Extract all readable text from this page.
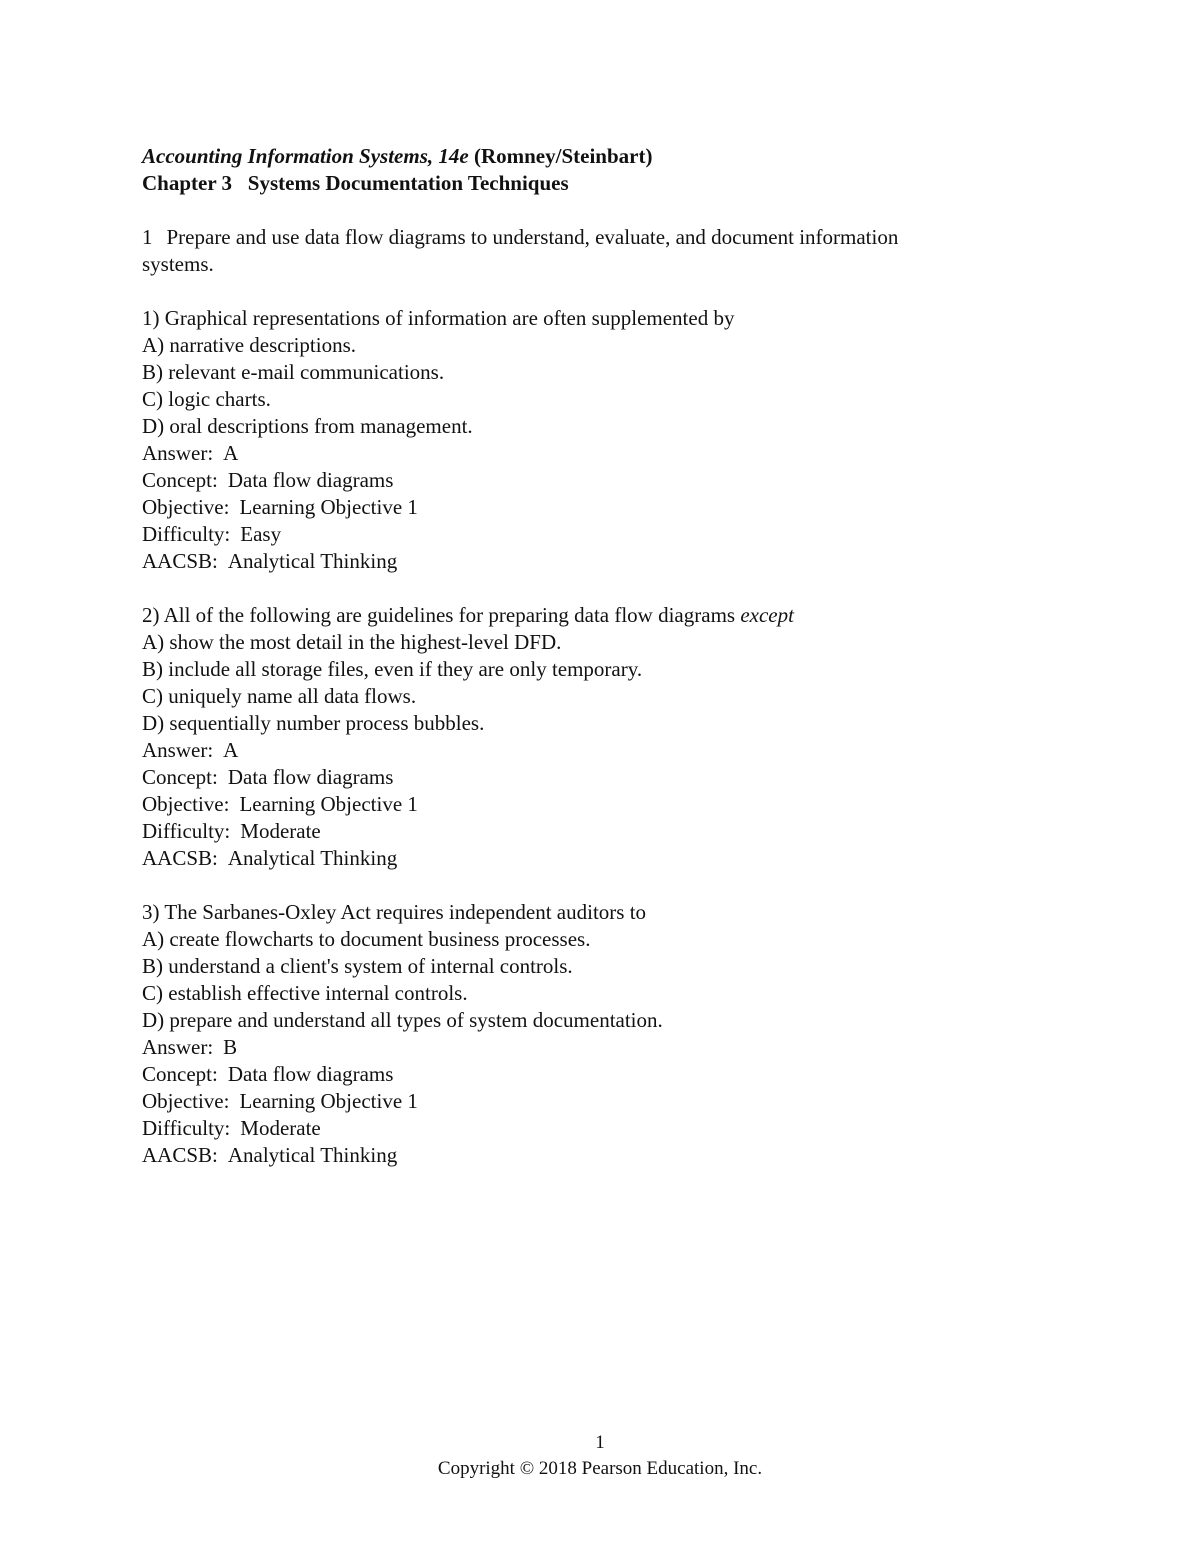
Accounting Information Systems, 14e (Romney/Steinbart)
Chapter 3   Systems Documentation Techniques
1 Prepare and use data flow diagrams to understand, evaluate, and document information
systems.
1) Graphical representations of information are often supplemented by
A) narrative descriptions.
B) relevant e-mail communications.
C) logic charts.
D) oral descriptions from management.
Answer: A
Concept: Data flow diagrams
Objective: Learning Objective 1
Difficulty: Easy
AACSB: Analytical Thinking
2) All of the following are guidelines for preparing data flow diagrams except
A) show the most detail in the highest-level DFD.
B) include all storage files, even if they are only temporary.
C) uniquely name all data flows.
D) sequentially number process bubbles.
Answer: A
Concept: Data flow diagrams
Objective: Learning Objective 1
Difficulty: Moderate
AACSB: Analytical Thinking
3) The Sarbanes-Oxley Act requires independent auditors to
A) create flowcharts to document business processes.
B) understand a client's system of internal controls.
C) establish effective internal controls.
D) prepare and understand all types of system documentation.
Answer: B
Concept: Data flow diagrams
Objective: Learning Objective 1
Difficulty: Moderate
AACSB: Analytical Thinking
1
Copyright © 2018 Pearson Education, Inc.
